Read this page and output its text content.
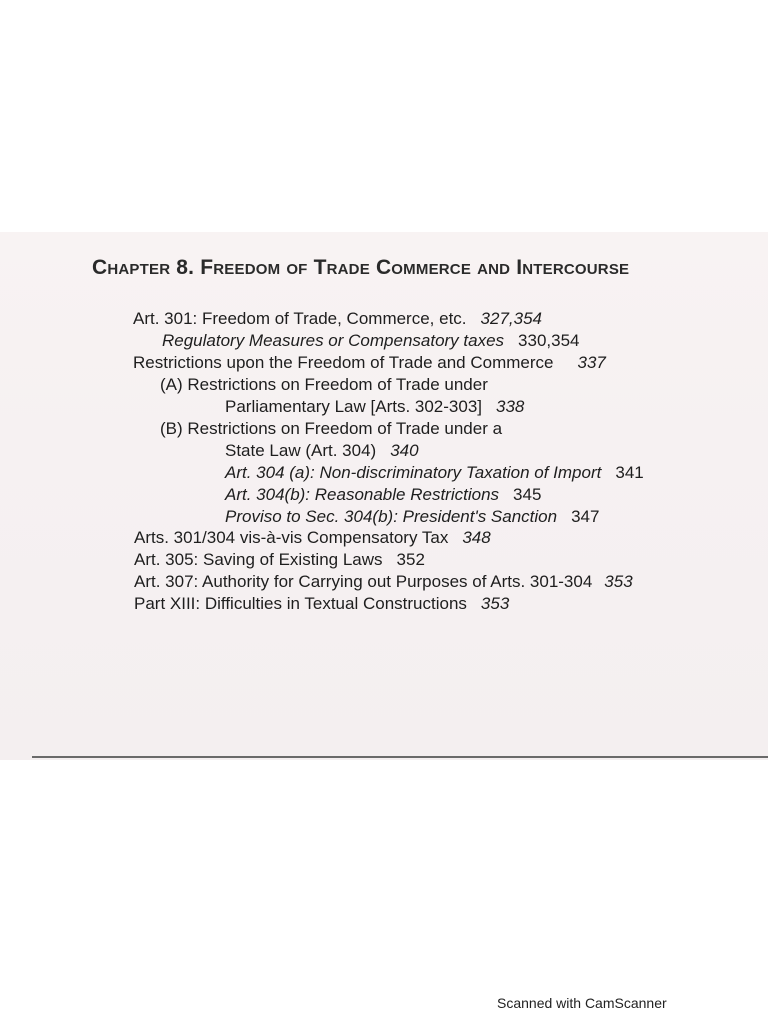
Chapter 8. Freedom of Trade Commerce and Intercourse
Art. 301: Freedom of Trade, Commerce, etc. 327,354
Regulatory Measures or Compensatory taxes 330,354
Restrictions upon the Freedom of Trade and Commerce 337
(A) Restrictions on Freedom of Trade under
Parliamentary Law [Arts. 302-303] 338
(B) Restrictions on Freedom of Trade under a
State Law (Art. 304) 340
Art. 304 (a): Non-discriminatory Taxation of Import 341
Art. 304(b): Reasonable Restrictions 345
Proviso to Sec. 304(b): President's Sanction 347
Arts. 301/304 vis-à-vis Compensatory Tax 348
Art. 305: Saving of Existing Laws 352
Art. 307: Authority for Carrying out Purposes of Arts. 301-304 353
Part XIII: Difficulties in Textual Constructions 353
Scanned with CamScanner
